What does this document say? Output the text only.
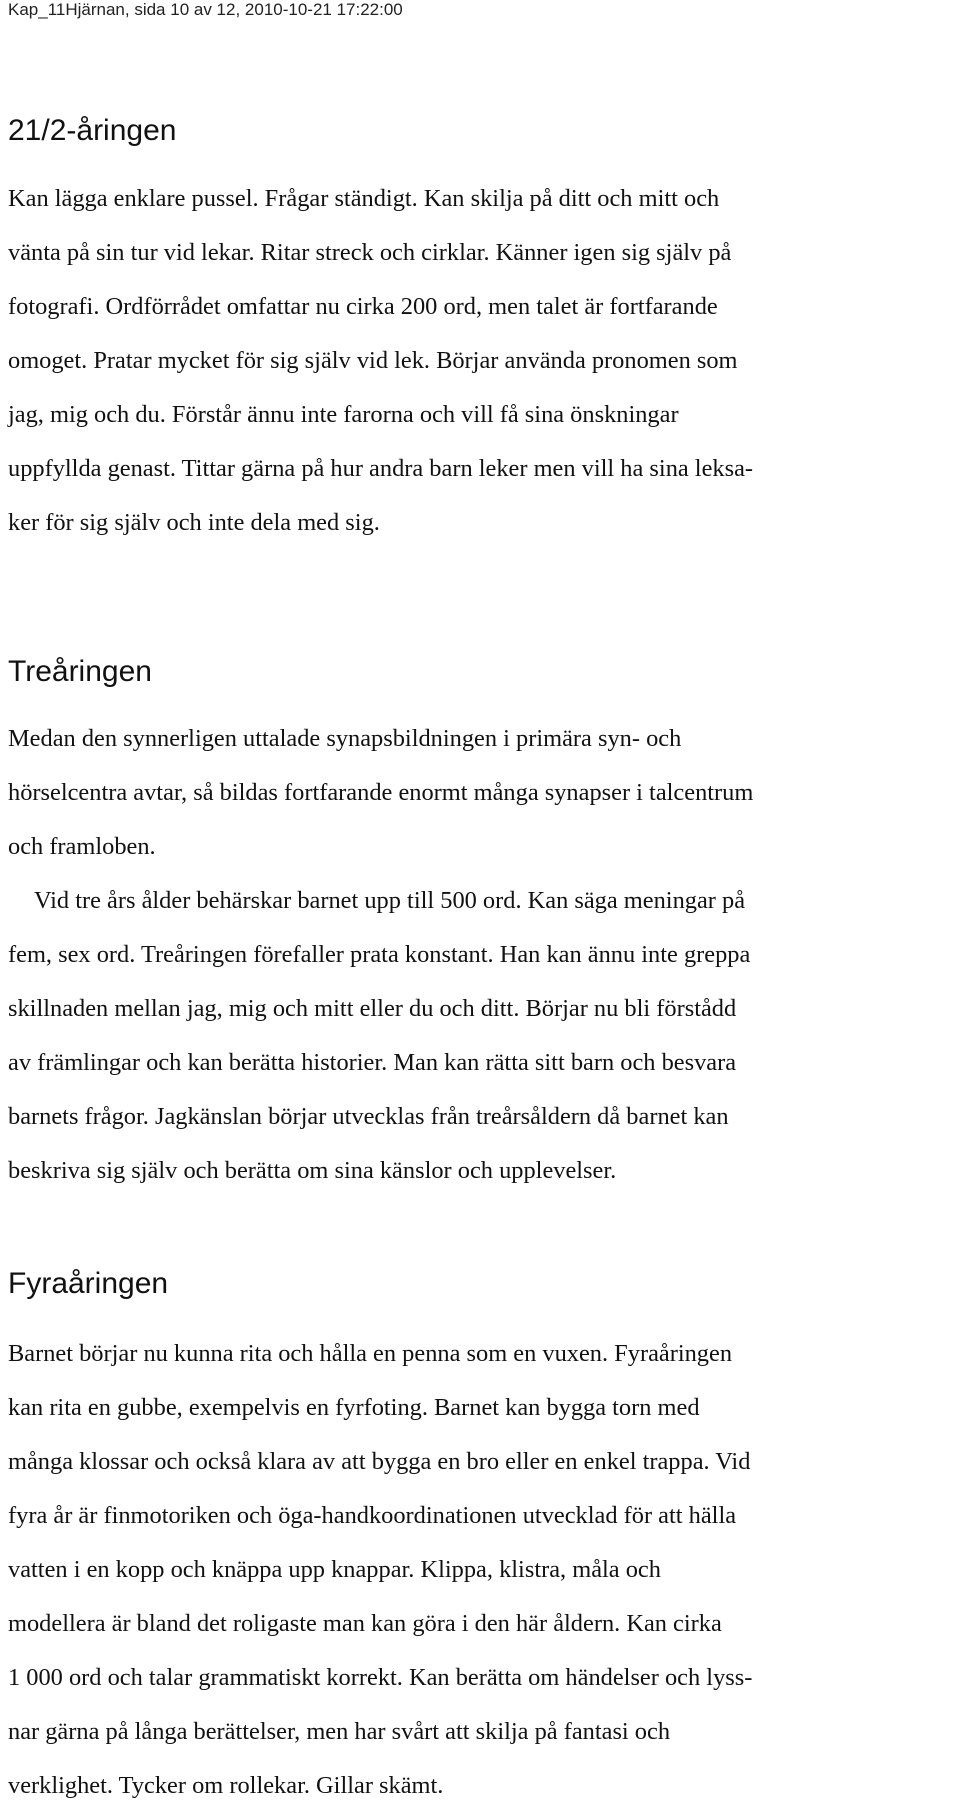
Kap_11Hjärnan, sida 10 av 12, 2010-10-21 17:22:00
21/2-åringen
Kan lägga enklare pussel. Frågar ständigt. Kan skilja på ditt och mitt och
vänta på sin tur vid lekar. Ritar streck och cirklar. Känner igen sig själv på
fotografi. Ordförrådet omfattar nu cirka 200 ord, men talet är fortfarande
omoget. Pratar mycket för sig själv vid lek. Börjar använda pronomen som
jag, mig och du. Förstår ännu inte farorna och vill få sina önskningar
uppfyllda genast. Tittar gärna på hur andra barn leker men vill ha sina leksa-
ker för sig själv och inte dela med sig.
Treåringen
Medan den synnerligen uttalade synapsbildningen i primära syn- och
hörselcentra avtar, så bildas fortfarande enormt många synapser i talcentrum
och framloben.
Vid tre års ålder behärskar barnet upp till 500 ord. Kan säga meningar på
fem, sex ord. Treåringen förefaller prata konstant. Han kan ännu inte greppa
skillnaden mellan jag, mig och mitt eller du och ditt. Börjar nu bli förstådd
av främlingar och kan berätta historier. Man kan rätta sitt barn och besvara
barnets frågor. Jagkänslan börjar utvecklas från treårsåldern då barnet kan
beskriva sig själv och berätta om sina känslor och upplevelser.
Fyraåringen
Barnet börjar nu kunna rita och hålla en penna som en vuxen. Fyraåringen
kan rita en gubbe, exempelvis en fyrfoting. Barnet kan bygga torn med
många klossar och också klara av att bygga en bro eller en enkel trappa. Vid
fyra år är finmotoriken och öga-handkoordinationen utvecklad för att hälla
vatten i en kopp och knäppa upp knappar. Klippa, klistra, måla och
modellera är bland det roligaste man kan göra i den här åldern. Kan cirka
1 000 ord och talar grammatiskt korrekt. Kan berätta om händelser och lyss-
nar gärna på långa berättelser, men har svårt att skilja på fantasi och
verklighet. Tycker om rollekar. Gillar skämt.
